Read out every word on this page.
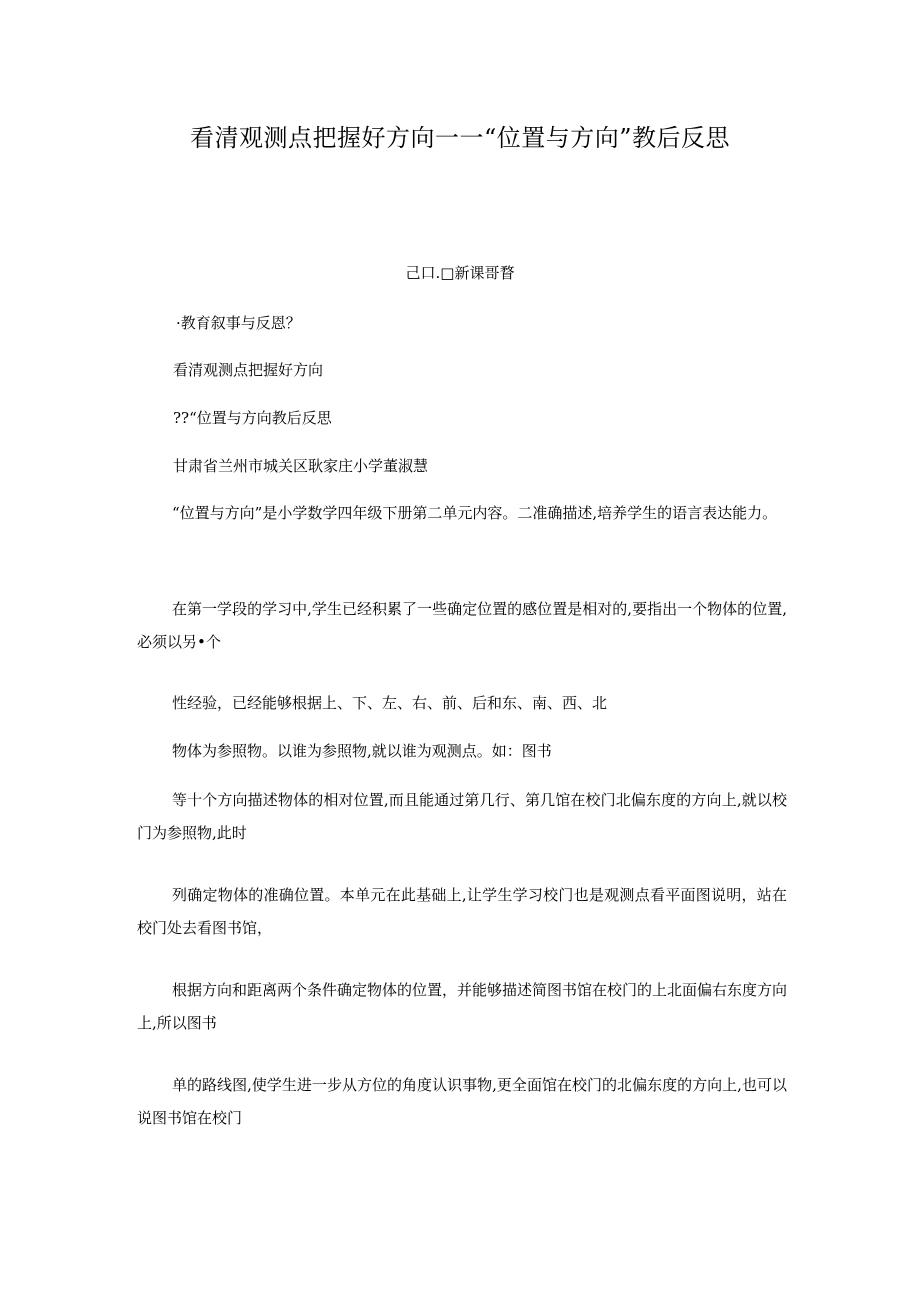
看清观测点把握好方向一一“位置与方向”教后反思
己口.□新课哥瞀
·教育叙事与反恩？
看清观测点把握好方向
??“位置与方向教后反思
甘肃省兰州市城关区耿家庄小学董淑慧
“位置与方向”是小学数学四年级下册第二单元内容。二准确描述,培养学生的语言表达能力。
在第一学段的学习中,学生已经积累了一些确定位置的感位置是相对的,要指出一个物体的位置,必须以另•个
性经验，已经能够根据上、下、左、右、前、后和东、南、西、北
物体为参照物。以谁为参照物,就以谁为观测点。如：图书
等十个方向描述物体的相对位置,而且能通过第几行、第几馆在校门北偏东度的方向上,就以校门为参照物,此时
列确定物体的准确位置。本单元在此基础上,让学生学习校门也是观测点看平面图说明，站在校门处去看图书馆，
根据方向和距离两个条件确定物体的位置，并能够描述简图书馆在校门的上北面偏右东度方向上,所以图书
单的路线图,使学生进一步从方位的角度认识事物,更全面馆在校门的北偏东度的方向上,也可以说图书馆在校门
